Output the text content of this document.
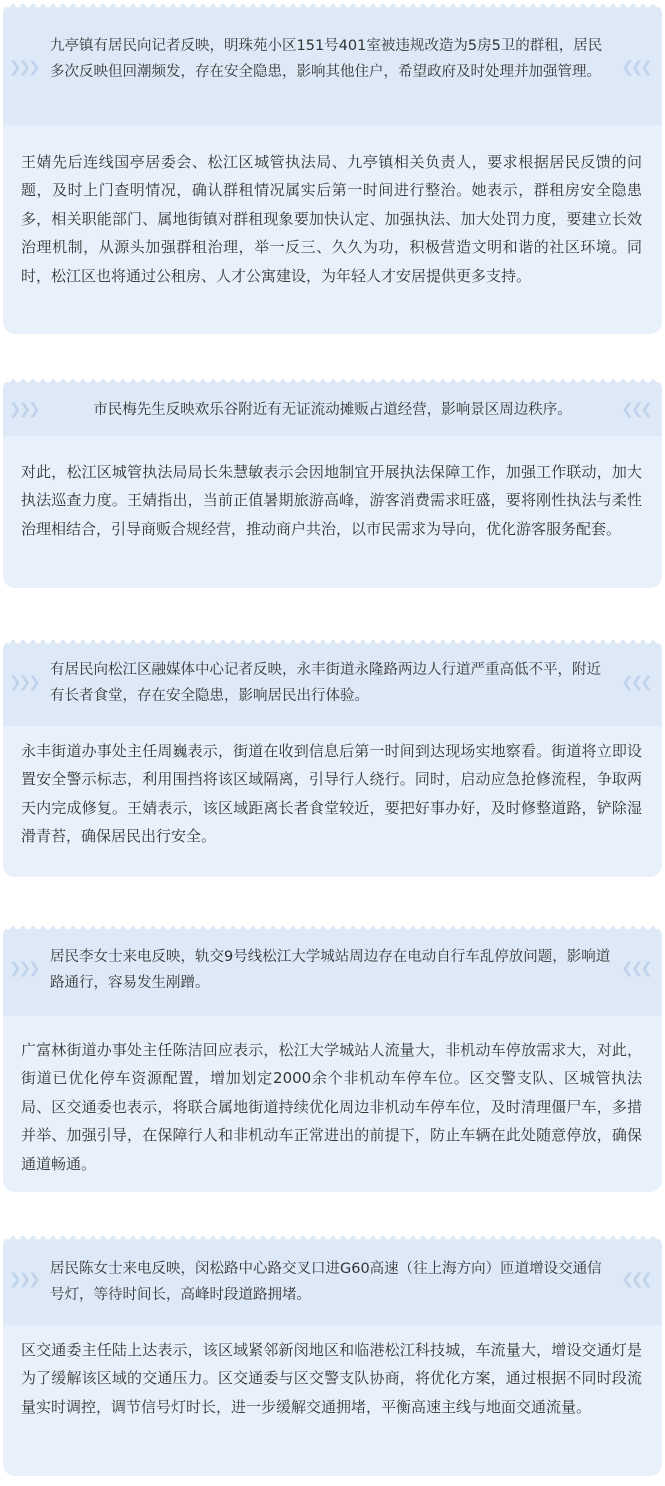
❯❯❯
九亭镇有居民向记者反映，明珠苑小区151号401室被违规改造为5房5卫的群租，居民多次反映但回潮频发，存在安全隐患，影响其他住户，希望政府及时处理并加强管理。	❮❮❮
王婧先后连线国亭居委会、松江区城管执法局、九亭镇相关负责人，要求根据居民反馈的问题，及时上门查明情况，确认群租情况属实后第一时间进行整治。她表示，群租房安全隐患多，相关职能部门、属地街镇对群租现象要加快认定、加强执法、加大处罚力度，要建立长效治理机制，从源头加强群租治理，举一反三、久久为功，积极营造文明和谐的社区环境。同时，松江区也将通过公租房、人才公寓建设，为年轻人才安居提供更多支持。
❯❯❯	市民梅先生反映欢乐谷附近有无证流动摊贩占道经营，影响景区周边秩序。	❮❮❮
对此，松江区城管执法局局长朱慧敏表示会因地制宜开展执法保障工作，加强工作联动，加大执法巡查力度。王婧指出，当前正值暑期旅游高峰，游客消费需求旺盛，要将刚性执法与柔性治理相结合，引导商贩合规经营，推动商户共治，以市民需求为导向，优化游客服务配套。
❯❯❯
有居民向松江区融媒体中心记者反映，永丰街道永隆路两边人行道严重高低不平，附近有长者食堂，存在安全隐患，影响居民出行体验。
❮❮❮
永丰街道办事处主任周巍表示，街道在收到信息后第一时间到达现场实地察看。街道将立即设置安全警示标志，利用围挡将该区域隔离，引导行人绕行。同时，启动应急抢修流程，争取两天内完成修复。王婧表示，该区域距离长者食堂较近，要把好事办好，及时修整道路，铲除湿滑青苔，确保居民出行安全。
❯❯❯
居民李女士来电反映，轨交9号线松江大学城站周边存在电动自行车乱停放问题，影响道路通行，容易发生剐蹭。
❮❮❮
广富林街道办事处主任陈洁回应表示，松江大学城站人流量大，非机动车停放需求大，对此，街道已优化停车资源配置，增加划定2000余个非机动车停车位。区交警支队、区城管执法局、区交通委也表示，将联合属地街道持续优化周边非机动车停车位，及时清理僵尸车，多措并举、加强引导，在保障行人和非机动车正常进出的前提下，防止车辆在此处随意停放，确保通道畅通。
❯❯❯
居民陈女士来电反映，闵松路中心路交叉口进G60高速（往上海方向）匝道增设交通信号灯，等待时间长，高峰时段道路拥堵。
❮❮❮
区交通委主任陆上达表示，该区域紧邻新闵地区和临港松江科技城，车流量大，增设交通灯是为了缓解该区域的交通压力。区交通委与区交警支队协商，将优化方案，通过根据不同时段流量实时调控，调节信号灯时长，进一步缓解交通拥堵，平衡高速主线与地面交通流量。
